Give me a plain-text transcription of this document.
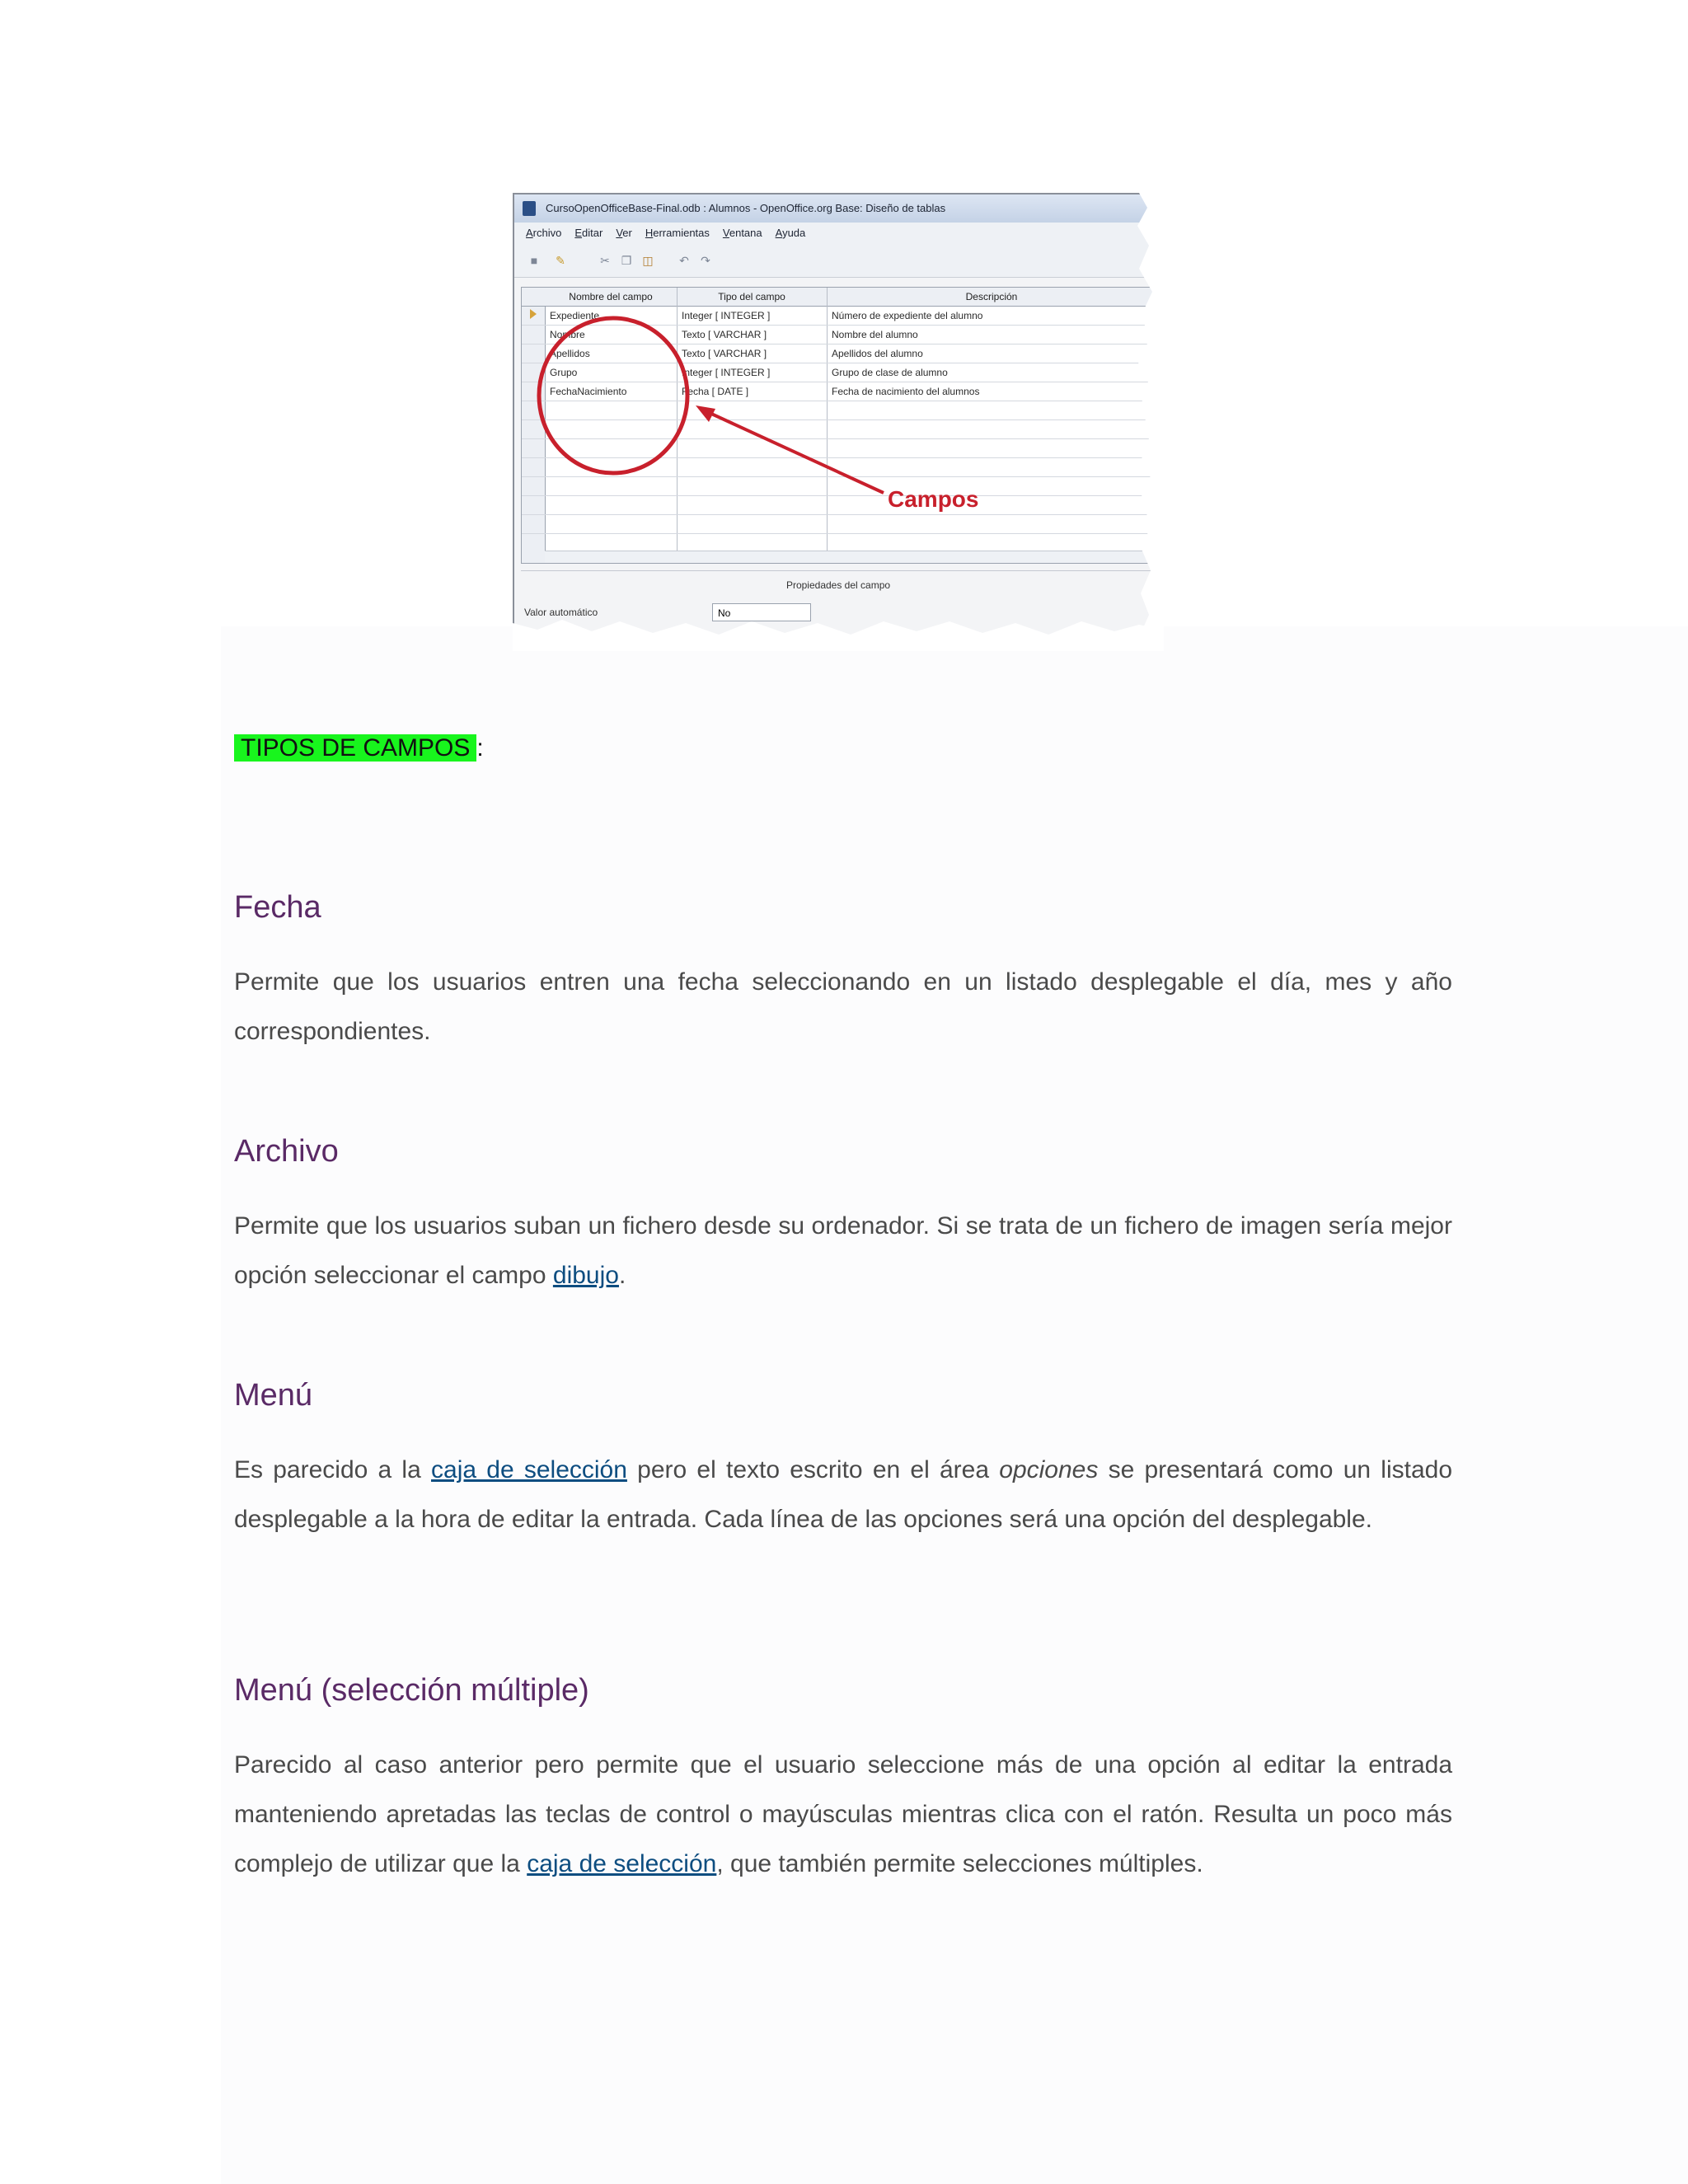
CursoOpenOfficeBase-Final.odb : Alumnos - OpenOffice.org Base: Diseño de tablas
Archivo Editar Ver Herramientas Ventana Ayuda
■	✎	✂ ❐ ◫ ↶ ↷
Nombre del campo	Tipo del campo	Descripción
Expediente	Integer [ INTEGER ]	Número de expediente del alumno
Nombre	Texto [ VARCHAR ]	Nombre del alumno
Apellidos	Texto [ VARCHAR ]	Apellidos del alumno
Grupo	Integer [ INTEGER ]	Grupo de clase de alumno
FechaNacimiento	Fecha [ DATE ]	Fecha de nacimiento del alumnos
Propiedades del campo
Valor automático	No
Campos
TIPOS DE CAMPOS :
Fecha

Permite que los usuarios entren una fecha seleccionando en un listado desplegable el día, mes y año correspondientes.

Archivo

Permite que los usuarios suban un fichero desde su ordenador. Si se trata de un fichero de imagen sería mejor opción seleccionar el campo dibujo.

Menú

Es parecido a la caja de selección pero el texto escrito en el área opciones se presentará como un listado desplegable a la hora de editar la entrada. Cada línea de las opciones será una opción del desplegable.

Menú (selección múltiple)

Parecido al caso anterior pero permite que el usuario seleccione más de una opción al editar la entrada manteniendo apretadas las teclas de control o mayúsculas mientras clica con el ratón. Resulta un poco más complejo de utilizar que la caja de selección, que también permite selecciones múltiples.
